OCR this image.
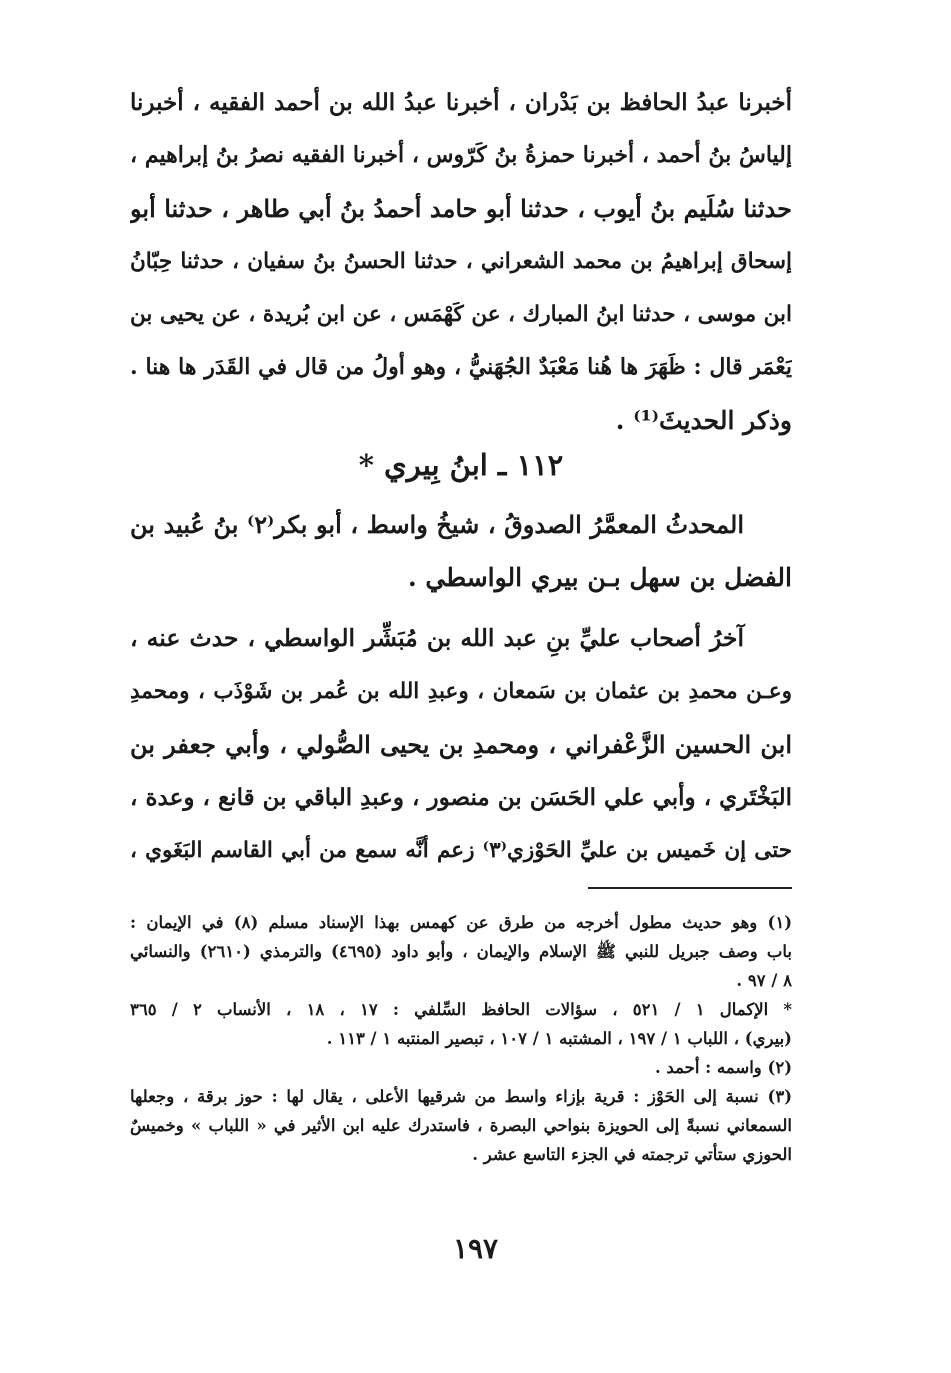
أخبرنا عبدُ الحافظ بن بَدْران ، أخبرنا عبدُ الله بن أحمد الفقيه ، أخبرنا
إلياسُ بنُ أحمد ، أخبرنا حمزةُ بنُ كَرّوس ، أخبرنا الفقيه نصرُ بنُ إبراهيم ،
حدثنا سُلَيم بنُ أيوب ، حدثنا أبو حامد أحمدُ بنُ أبي طاهر ، حدثنا أبو
إسحاق إبراهيمُ بن محمد الشعراني ، حدثنا الحسنُ بنُ سفيان ، حدثنا حِبّانُ
ابن موسى ، حدثنا ابنُ المبارك ، عن كَهْمَس ، عن ابن بُريدة ، عن يحيى بن
يَعْمَر قال : ظَهَرَ ها هُنا مَعْبَدٌ الجُهَنيُّ ، وهو أولُ من قال في القَدَر ها هنا .
وذكر الحديثَ⁽¹⁾ .
١١٢ ـ ابنُ بِيري *
المحدثُ المعمَّرُ الصدوقُ ، شيخُ واسط ، أبو بكر⁽٢⁾ بنُ عُبيد بن
الفضل بن سهل بـن بيري الواسطي .
آخرُ أصحاب عليِّ بنِ عبد الله بن مُبَشِّر الواسطي ، حدث عنه ،
وعـن محمدِ بن عثمان بن سَمعان ، وعبدِ الله بن عُمر بن شَوْذَب ، ومحمدِ
ابن الحسين الزَّعْفراني ، ومحمدِ بن يحيى الصُّولي ، وأبي جعفر بن
البَخْتَري ، وأبي علي الحَسَن بن منصور ، وعبدِ الباقي بن قانع ، وعدة ،
حتى إن خَميس بن عليِّ الحَوْزي⁽٣⁾ زعم أنَّه سمع من أبي القاسم البَغَوي ،
(١) وهو حديث مطول أخرجه من طرق عن كهمس بهذا الإسناد مسلم (٨) في الإيمان :
باب وصف جبريل للنبي ﷺ الإسلام والإيمان ، وأبو داود (٤٦٩٥) والترمذي (٢٦١٠) والنسائي
٨ / ٩٧ .
* الإكمال ١ / ٥٢١ ، سؤالات الحافظ السِّلفي : ١٧ ، ١٨ ، الأنساب ٢ / ٣٦٥
(بيري) ، اللباب ١ / ١٩٧ ، المشتبه ١ / ١٠٧ ، تبصير المنتبه ١ / ١١٣ .
(٢) واسمه : أحمد .
(٣) نسبة إلى الحَوْز : قرية بإزاء واسط من شرقيها الأعلى ، يقال لها : حوز برقة ، وجعلها
السمعاني نسبةً إلى الحويزة بنواحي البصرة ، فاستدرك عليه ابن الأثير في « اللباب » وخميسٌ
الحوزي ستأتي ترجمته في الجزء التاسع عشر .
١٩٧
